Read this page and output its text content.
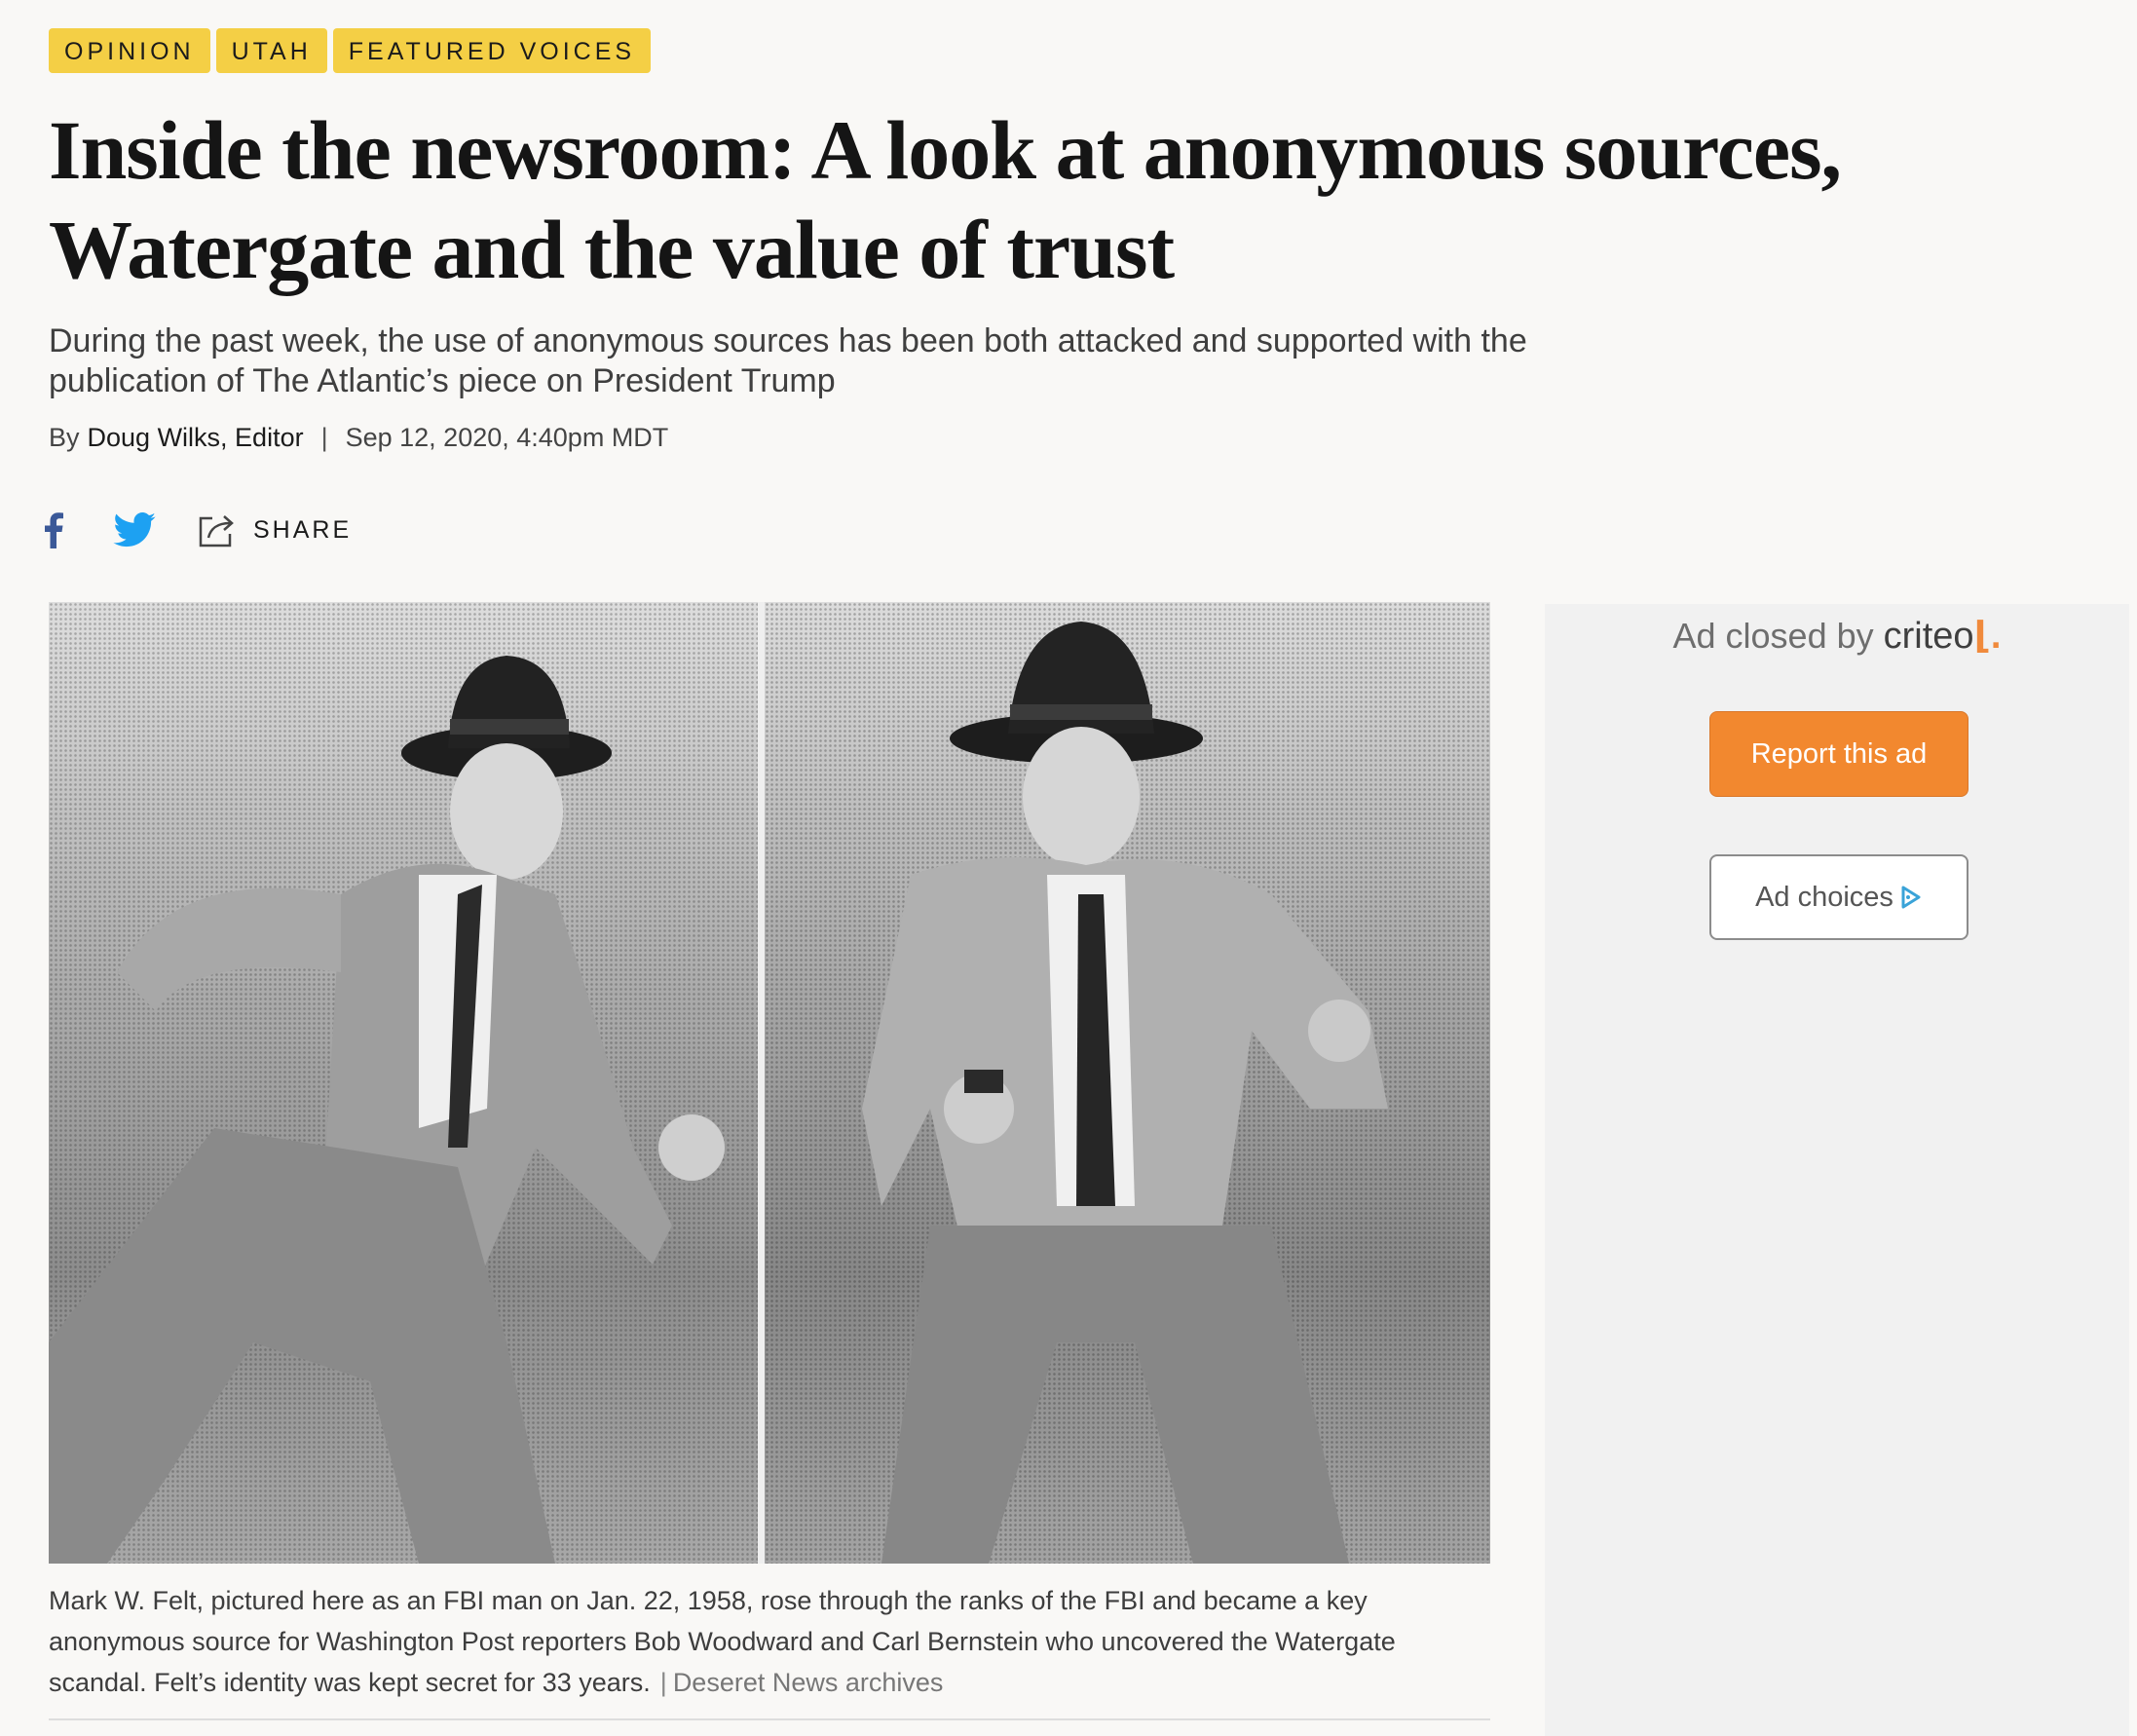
OPINION	UTAH	FEATURED VOICES
Inside the newsroom: A look at anonymous sources, Watergate and the value of trust

During the past week, the use of anonymous sources has been both attacked and supported with the publication of The Atlantic’s piece on President Trump

By Doug Wilks, Editor | Sep 12, 2020, 4:40pm MDT
SHARE

Mark W. Felt, pictured here as an FBI man on Jan. 22, 1958, rose through the ranks of the FBI and became a key anonymous source for Washington Post reporters Bob Woodward and Carl Bernstein who uncovered the Watergate scandal. Felt’s identity was kept secret for 33 years. | Deseret News archives

Ad closed by criteo⌊.
Report this ad
Ad choices
